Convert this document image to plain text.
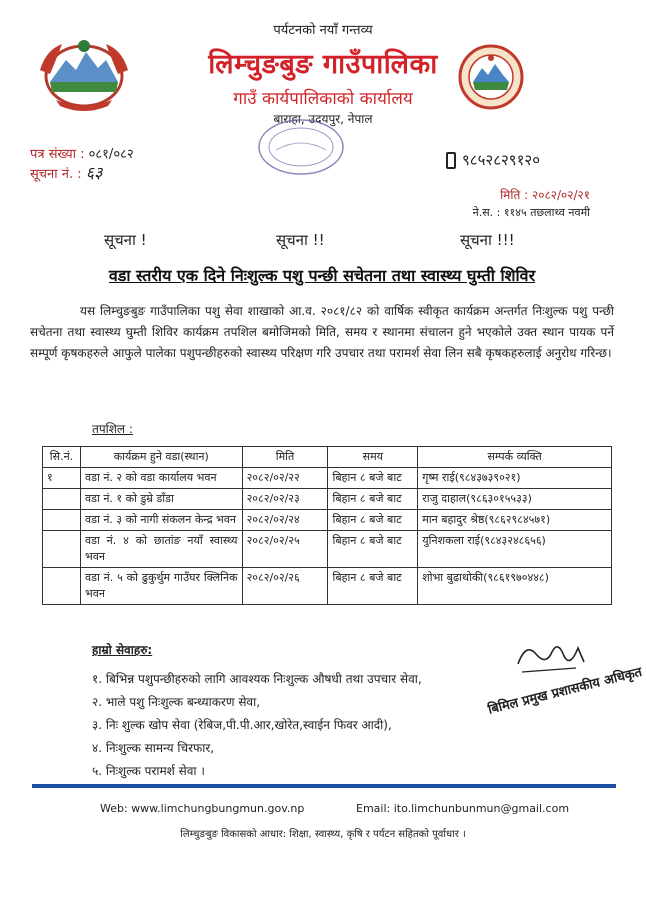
पर्यटनको नयाँ गन्तव्य
लिम्चुङबुङ गाउँपालिका
गाउँ कार्यपालिकाको कार्यालय
बाराहा, उदयपुर, नेपाल
पत्र संख्या : ०८१/०८२
सूचना नं. : ६३
९८५२८२९१२०
मिति : २०८२/०२/२१
ने.स. : ११४५ तछलाथ्व नवमी
सूचना !	सूचना !!	सूचना !!!
वडा स्तरीय एक दिने निःशुल्क पशु पन्छी सचेतना तथा स्वास्थ्य घुम्ती शिविर

यस लिम्चुङबुङ गाउँपालिका पशु सेवा शाखाको आ.व. २०८१/८२ को वार्षिक स्वीकृत कार्यक्रम अन्तर्गत निःशुल्क पशु पन्छी सचेतना तथा स्वास्थ्य घुम्ती शिविर कार्यक्रम तपशिल बमोजिमको मिति, समय र स्थानमा संचालन हुने भएकोले उक्त स्थान पायक पर्ने सम्पूर्ण कृषकहरुले आफुले पालेका पशुपन्छीहरुको स्वास्थ्य परिक्षण गरि उपचार तथा परामर्श सेवा लिन सबै कृषकहरुलाई अनुरोध गरिन्छ।

तपशिल :
सि.नं.	कार्यक्रम हुने वडा(स्थान)	मिति	समय	सम्पर्क व्यक्ति
१	वडा नं. २ को वडा कार्यालय भवन	२०८२/०२/२२	बिहान ८ बजे बाट	गृष्म राई(९८४३७३९०२१)
	वडा नं. १ को डुम्रे डाँडा	२०८२/०२/२३	बिहान ८ बजे बाट	राजु दाहाल(९८६३०१५५३३)
	वडा नं. ३ को नागी संकलन केन्द्र भवन	२०८२/०२/२४	बिहान ८ बजे बाट	मान बहादुर श्रेष्ठ(९८६२९८४५७१)
	वडा नं. ४ को छातांङ नयाँ स्वास्थ्य भवन	२०८२/०२/२५	बिहान ८ बजे बाट	युनिशकला राई(९८४३२४८६५६)
	वडा नं. ५ को ढुकुर्थुम गाउँघर क्लिनिक भवन	२०८२/०२/२६	बिहान ८ बजे बाट	शोभा बुढाथोकी(९८६१९७०४४८)
हाम्रो सेवाहरु:
१. बिभिन्न पशुपन्छीहरुको लागि आवश्यक निःशुल्क औषधी तथा उपचार सेवा,
२. भाले पशु निःशुल्क बन्ध्याकरण सेवा,
३. निः शुल्क खोप सेवा (रेबिज,पी.पी.आर,खोरेत,स्वाईन फिवर आदी),
४. निःशुल्क सामन्य चिरफार,
५. निःशुल्क परामर्श सेवा ।
बिमिल प्रमुख प्रशासकीय अधिकृत
Web: www.limchungbungmun.gov.np	Email: ito.limchunbunmun@gmail.com
लिम्चुङबुङ विकासको आधार: शिक्षा, स्वास्थ्य, कृषि र पर्यटन सहितको पूर्वाधार ।
